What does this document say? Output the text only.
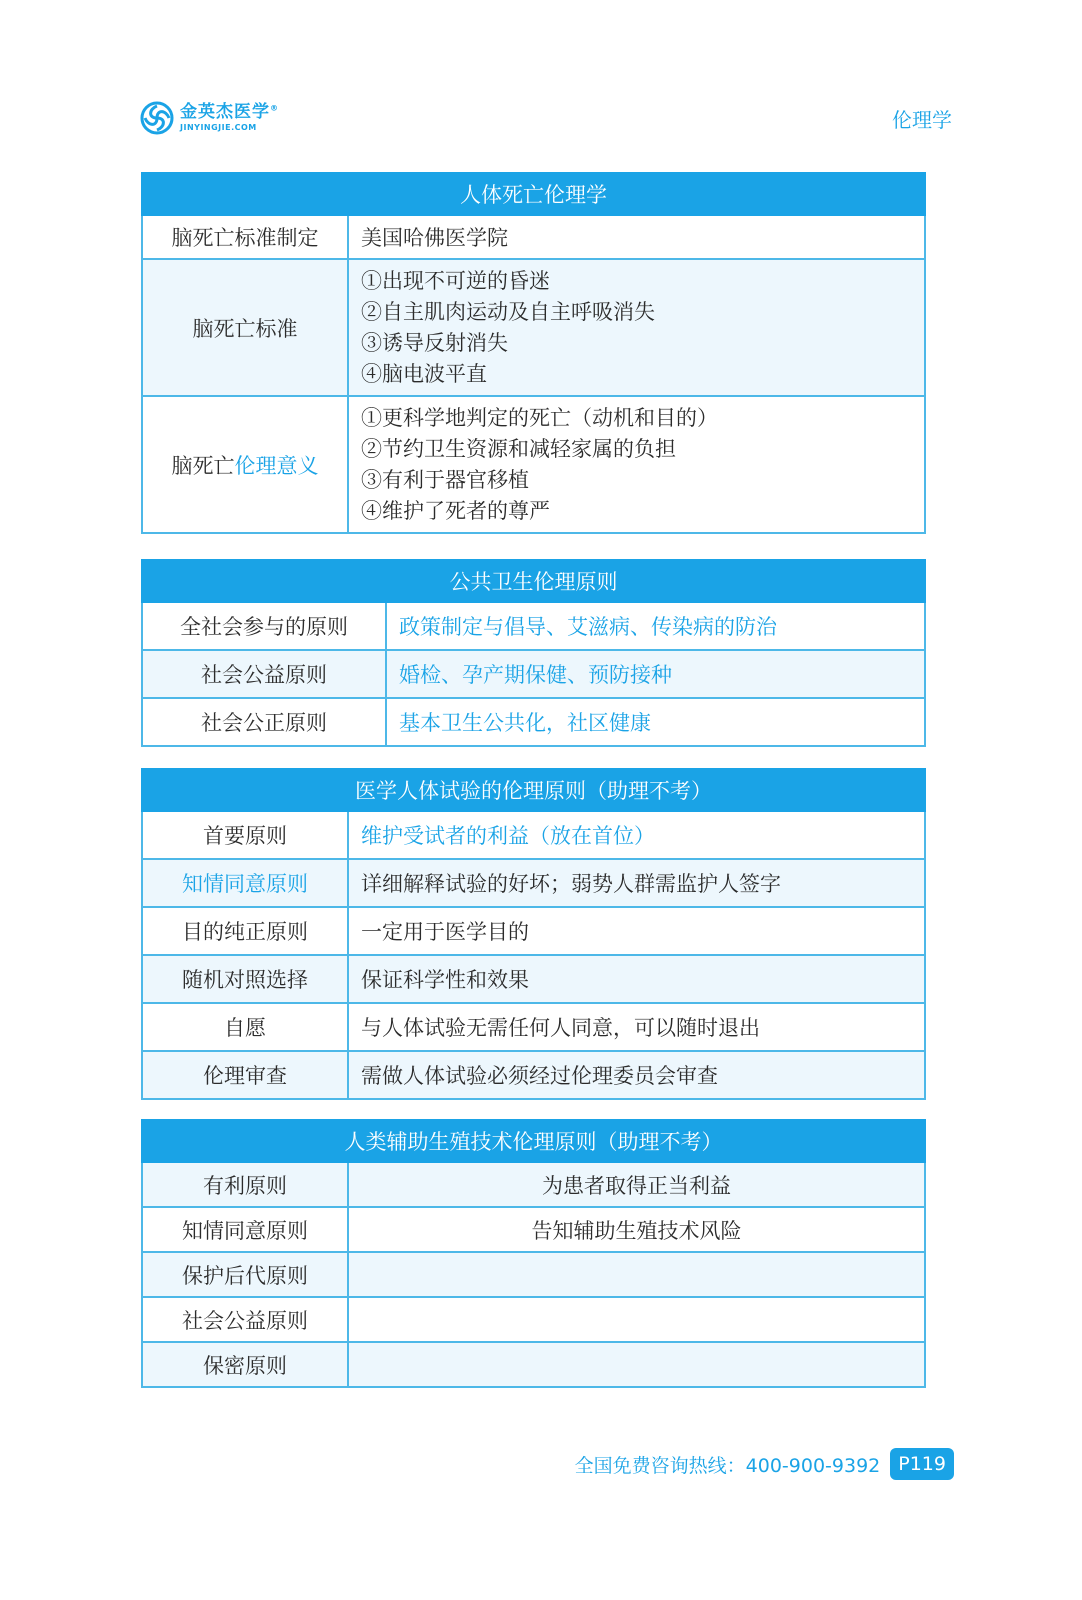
金英杰医学®
JINYINGJIE.COM	伦理学
人体死亡伦理学	
脑死亡标准制定	美国哈佛医学院
脑死亡标准	①出现不可逆的昏迷
②自主肌肉运动及自主呼吸消失
③诱导反射消失
④脑电波平直

脑死亡伦理意义	①更科学地判定的死亡（动机和目的）
②节约卫生资源和减轻家属的负担
③有利于器官移植
④维护了死者的尊严
公共卫生伦理原则	
全社会参与的原则	政策制定与倡导、艾滋病、传染病的防治
社会公益原则	婚检、孕产期保健、预防接种
社会公正原则	基本卫生公共化，社区健康
医学人体试验的伦理原则（助理不考）	
首要原则	维护受试者的利益（放在首位）
知情同意原则	详细解释试验的好坏；弱势人群需监护人签字
目的纯正原则	一定用于医学目的
随机对照选择	保证科学性和效果
自愿	与人体试验无需任何人同意，可以随时退出
伦理审查	需做人体试验必须经过伦理委员会审查
人类辅助生殖技术伦理原则（助理不考）	
有利原则	为患者取得正当利益
知情同意原则	告知辅助生殖技术风险
保护后代原则	
社会公益原则	
保密原则	
全国免费咨询热线：400-900-9392 P119
